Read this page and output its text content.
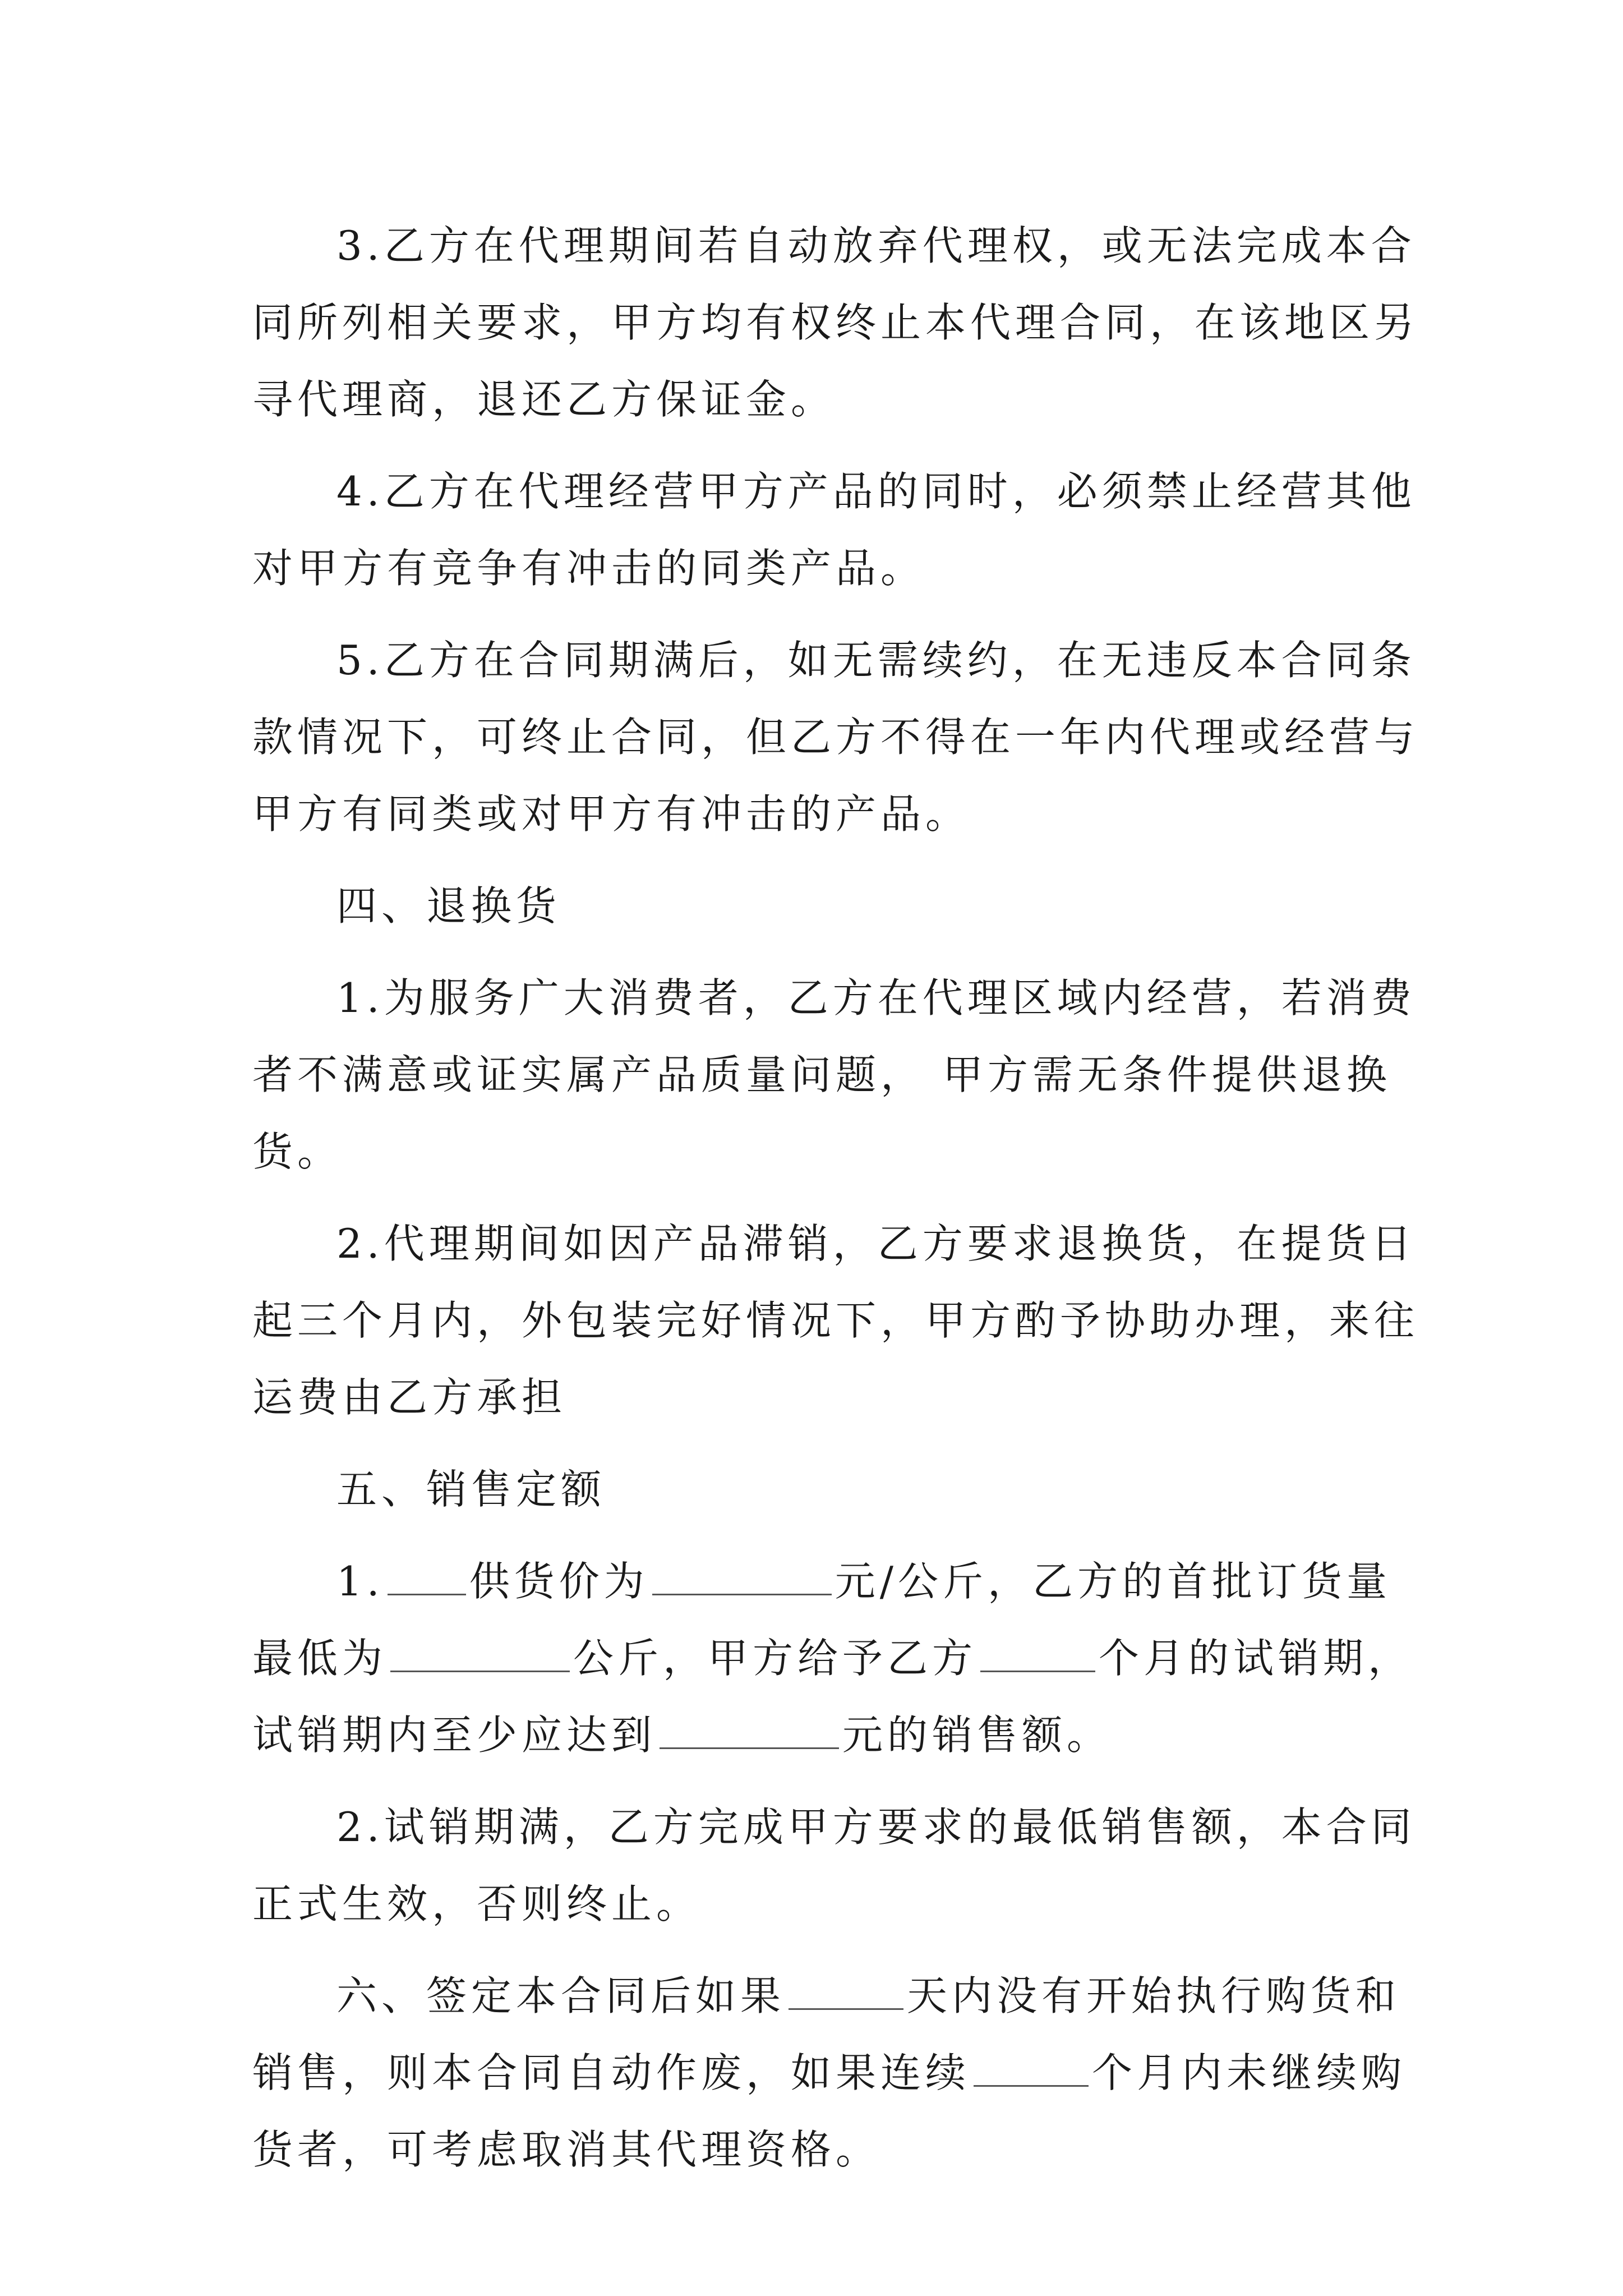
3.乙方在代理期间若自动放弃代理权，或无法完成本合
同所列相关要求，甲方均有权终止本代理合同，在该地区另
寻代理商，退还乙方保证金。

4.乙方在代理经营甲方产品的同时，必须禁止经营其他
对甲方有竞争有冲击的同类产品。

5.乙方在合同期满后，如无需续约，在无违反本合同条
款情况下，可终止合同，但乙方不得在一年内代理或经营与
甲方有同类或对甲方有冲击的产品。

四、退换货

1.为服务广大消费者，乙方在代理区域内经营，若消费
者不满意或证实属产品质量问题， 甲方需无条件提供退换
货。

2.代理期间如因产品滞销，乙方要求退换货，在提货日
起三个月内，外包装完好情况下，甲方酌予协助办理，来往
运费由乙方承担

五、销售定额

1. 供货价为	元/公斤，乙方的首批订货量
最低为	公斤，甲方给予乙方	个月的试销期，
试销期内至少应达到	元的销售额。

2.试销期满，乙方完成甲方要求的最低销售额，本合同
正式生效，否则终止。

六、签定本合同后如果	天内没有开始执行购货和
销售，则本合同自动作废，如果连续	个月内未继续购
货者，可考虑取消其代理资格。
